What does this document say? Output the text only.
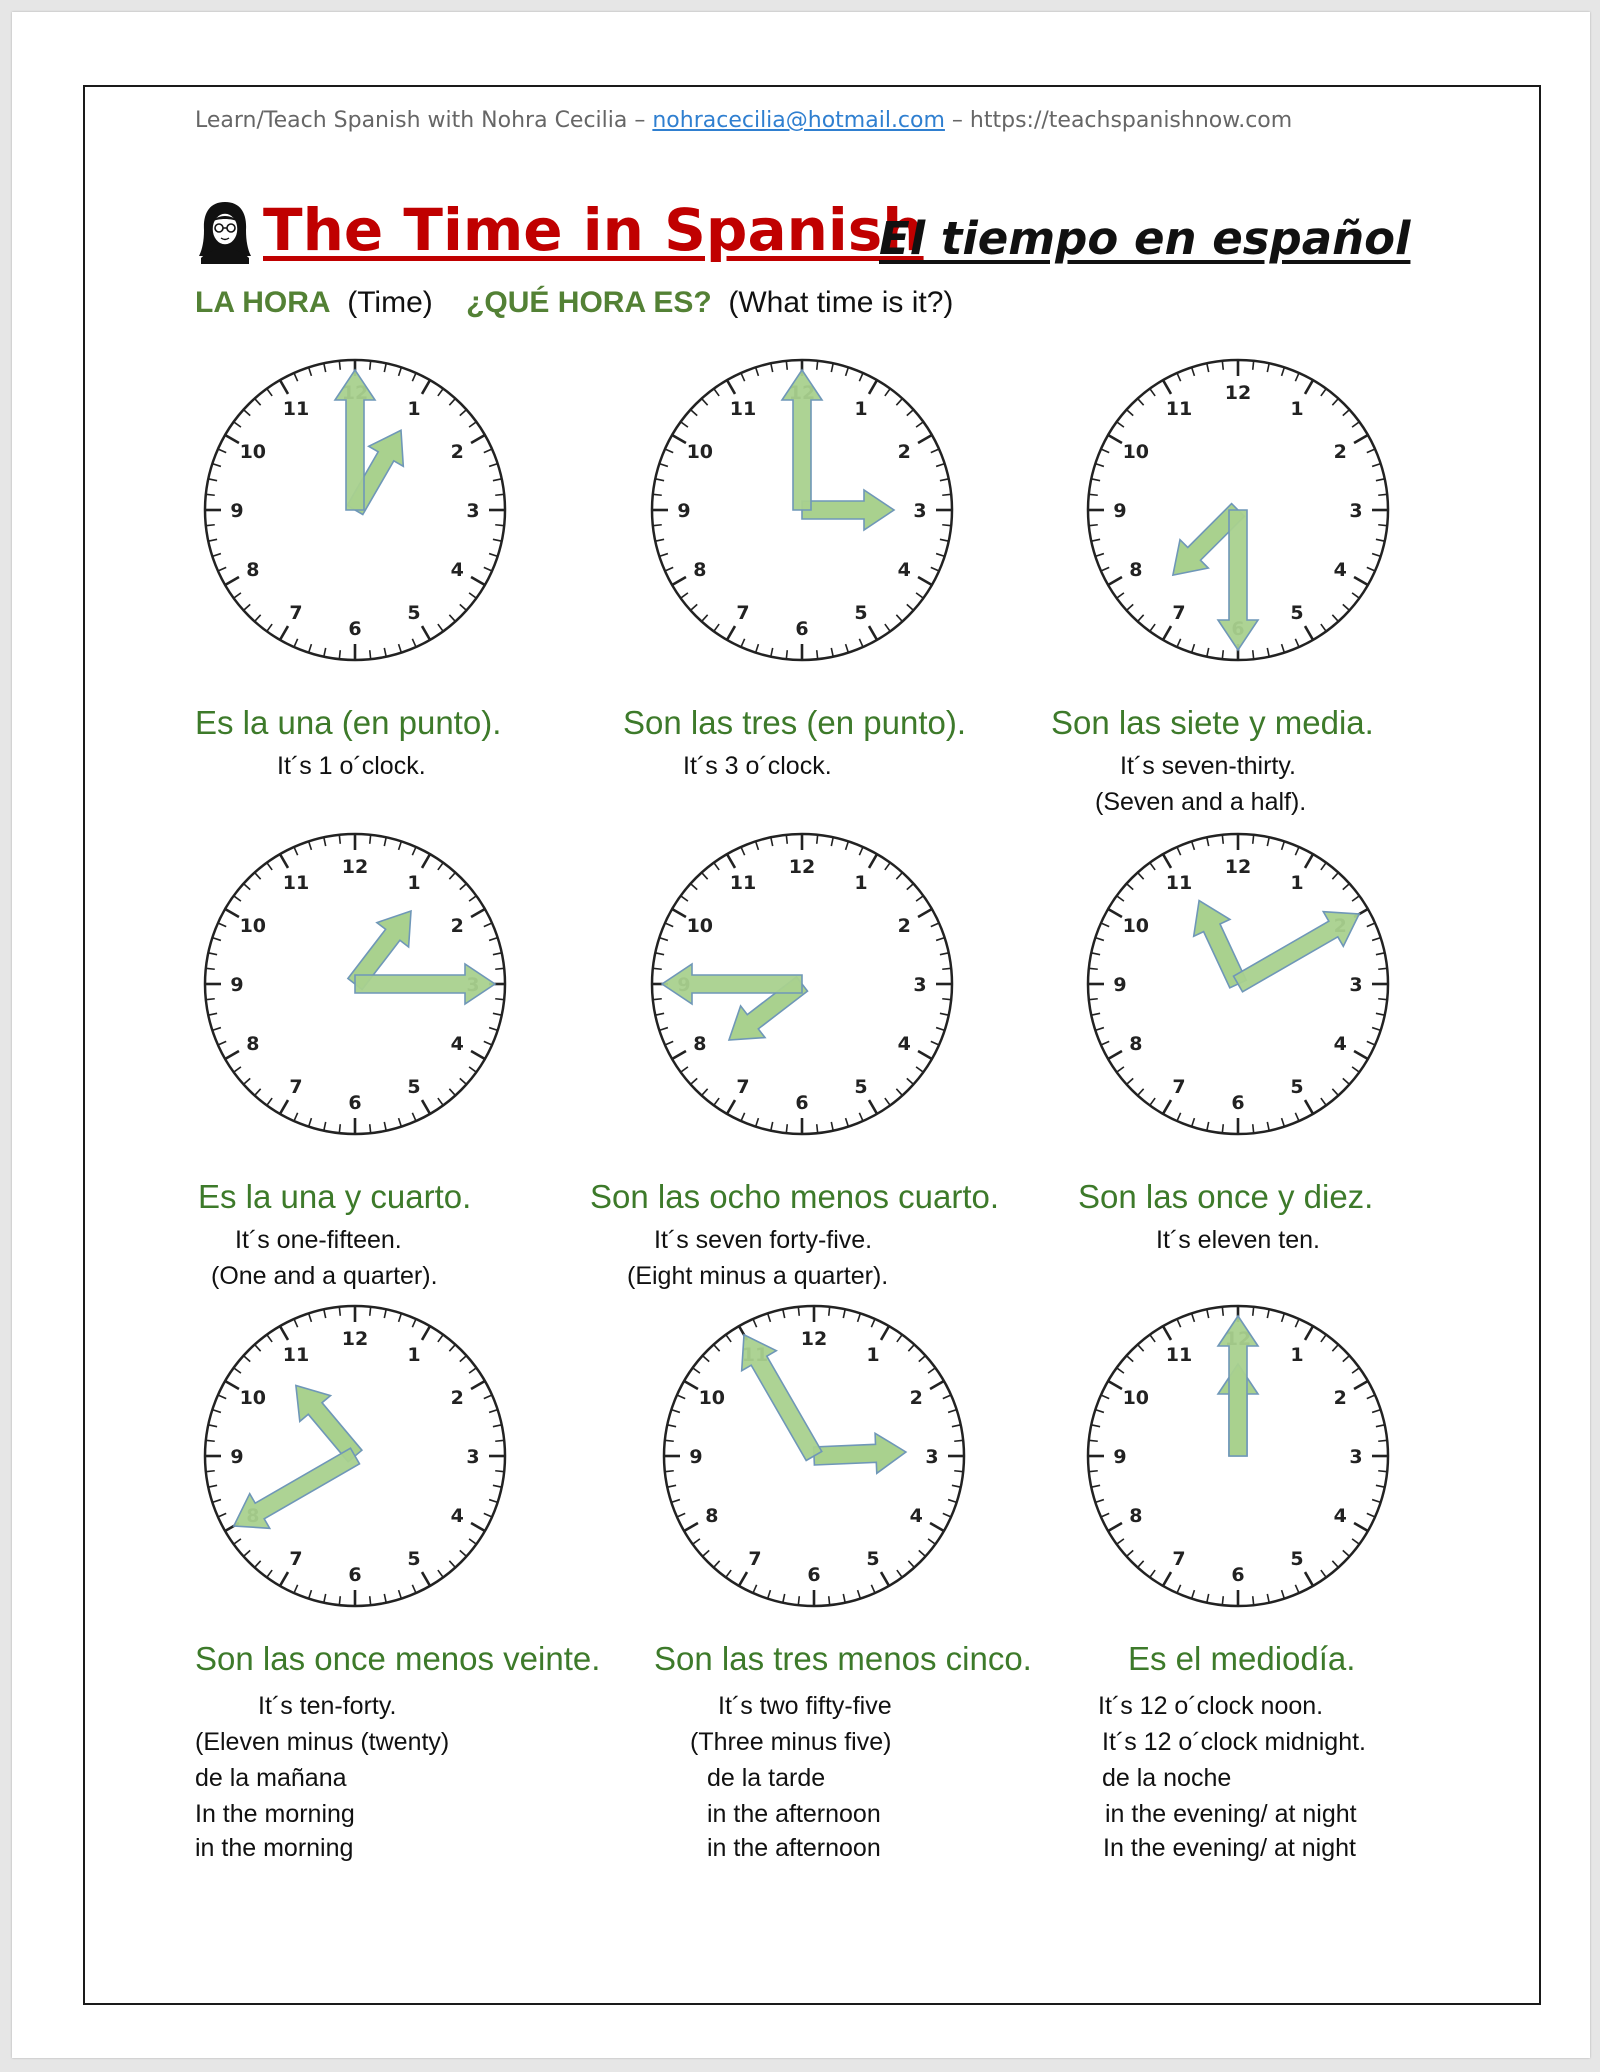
Learn/Teach Spanish with Nohra Cecilia – nohracecilia@hotmail.com – https://teachspanishnow.com
The Time in Spanish
El tiempo en español
LA HORA (Time) ¿QUÉ HORA ES? (What time is it?)
1
2
3
4
5
6
7
8
9
10
11	1
2
3
4
5
6
7
8
9
10
11
12
1
2
3
4
5
7
8
9
10
11
12
1
2
4
5
6
7
8
9
10
11
12
1
2
3
4
5
6
7
8
10
11
12
1
3
4
5
6
7
8
9
10
11
12
1
2
3
4
5
6
7
9
10
11
12
1
2
3
4
5
6
7
8
9
10
1
2
3
4
5
6
7
8
9
10
11
Es la una (en punto).
It´s 1 o´clock.
Son las tres (en punto).
It´s 3 o´clock.
Son las siete y media.
It´s seven-thirty.
(Seven and a half).
Es la una y cuarto.
It´s one-fifteen.
(One and a quarter).
Son las ocho menos cuarto.
It´s seven forty-five.
(Eight minus a quarter).
Son las once y diez.
It´s eleven ten.
Son las once menos veinte.
It´s ten-forty.
(Eleven minus (twenty)
de la mañana
In the morning
in the morning
Son las tres menos cinco.
It´s two fifty-five
(Three minus five)
de la tarde
in the afternoon
in the afternoon
Es el mediodía.
It´s 12 o´clock noon.
It´s 12 o´clock midnight.
de la noche
in the evening/ at night
In the evening/ at night
